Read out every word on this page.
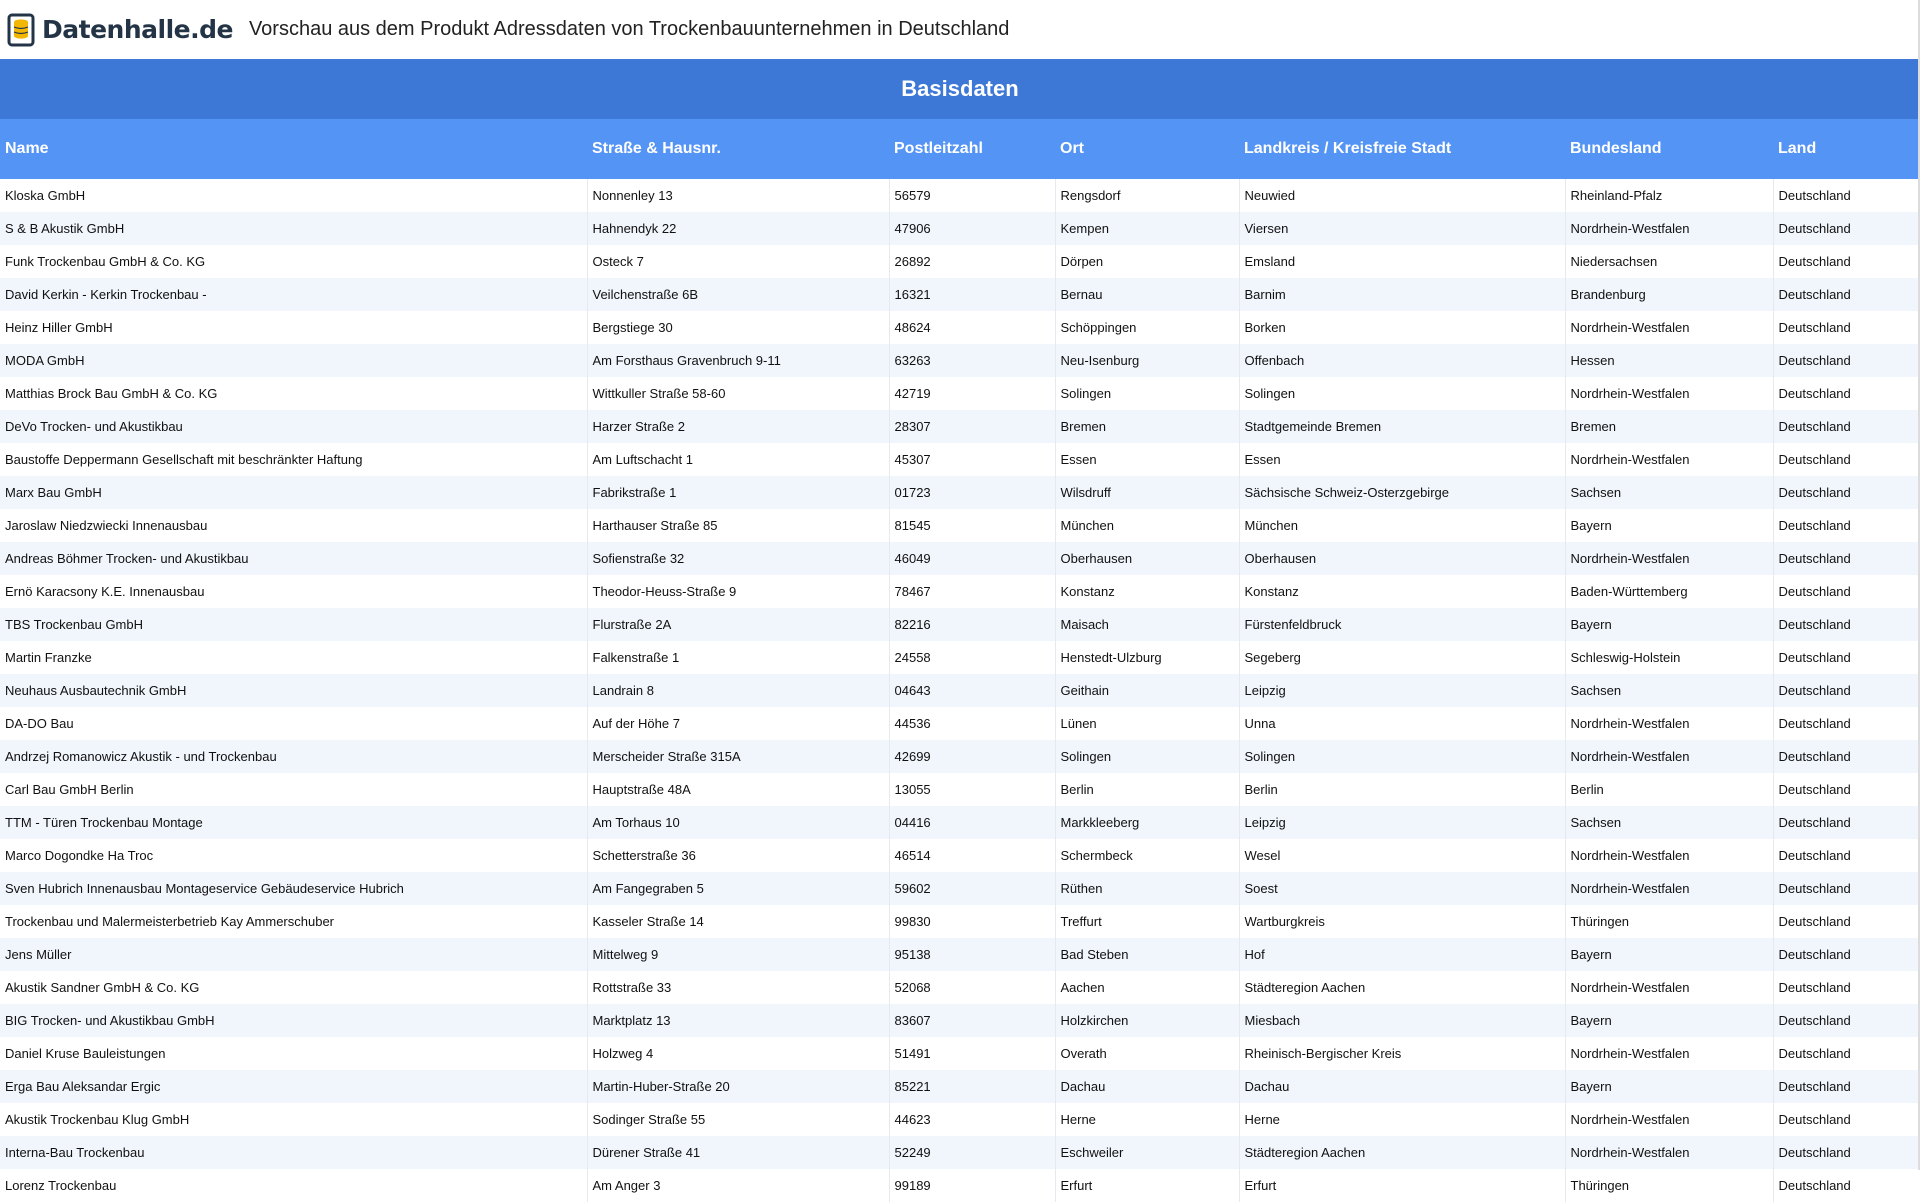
Datenhalle.de Vorschau aus dem Produkt Adressdaten von Trockenbauunternehmen in Deutschland
Basisdaten
Name	Straße & Hausnr.	Postleitzahl	Ort	Landkreis / Kreisfreie Stadt	Bundesland	Land
Kloska GmbH	Nonnenley 13	56579	Rengsdorf	Neuwied	Rheinland-Pfalz	Deutschland
S & B Akustik GmbH	Hahnendyk 22	47906	Kempen	Viersen	Nordrhein-Westfalen	Deutschland
Funk Trockenbau GmbH & Co. KG	Osteck 7	26892	Dörpen	Emsland	Niedersachsen	Deutschland
David Kerkin - Kerkin Trockenbau -	Veilchenstraße 6B	16321	Bernau	Barnim	Brandenburg	Deutschland
Heinz Hiller GmbH	Bergstiege 30	48624	Schöppingen	Borken	Nordrhein-Westfalen	Deutschland
MODA GmbH	Am Forsthaus Gravenbruch 9-11	63263	Neu-Isenburg	Offenbach	Hessen	Deutschland
Matthias Brock Bau GmbH & Co. KG	Wittkuller Straße 58-60	42719	Solingen	Solingen	Nordrhein-Westfalen	Deutschland
DeVo Trocken- und Akustikbau	Harzer Straße 2	28307	Bremen	Stadtgemeinde Bremen	Bremen	Deutschland
Baustoffe Deppermann Gesellschaft mit beschränkter Haftung	Am Luftschacht 1	45307	Essen	Essen	Nordrhein-Westfalen	Deutschland
Marx Bau GmbH	Fabrikstraße 1	01723	Wilsdruff	Sächsische Schweiz-Osterzgebirge	Sachsen	Deutschland
Jaroslaw Niedzwiecki Innenausbau	Harthauser Straße 85	81545	München	München	Bayern	Deutschland
Andreas Böhmer Trocken- und Akustikbau	Sofienstraße 32	46049	Oberhausen	Oberhausen	Nordrhein-Westfalen	Deutschland
Ernö Karacsony K.E. Innenausbau	Theodor-Heuss-Straße 9	78467	Konstanz	Konstanz	Baden-Württemberg	Deutschland
TBS Trockenbau GmbH	Flurstraße 2A	82216	Maisach	Fürstenfeldbruck	Bayern	Deutschland
Martin Franzke	Falkenstraße 1	24558	Henstedt-Ulzburg	Segeberg	Schleswig-Holstein	Deutschland
Neuhaus Ausbautechnik GmbH	Landrain 8	04643	Geithain	Leipzig	Sachsen	Deutschland
DA-DO Bau	Auf der Höhe 7	44536	Lünen	Unna	Nordrhein-Westfalen	Deutschland
Andrzej Romanowicz Akustik - und Trockenbau	Merscheider Straße 315A	42699	Solingen	Solingen	Nordrhein-Westfalen	Deutschland
Carl Bau GmbH Berlin	Hauptstraße 48A	13055	Berlin	Berlin	Berlin	Deutschland
TTM - Türen Trockenbau Montage	Am Torhaus 10	04416	Markkleeberg	Leipzig	Sachsen	Deutschland
Marco Dogondke Ha Troc	Schetterstraße 36	46514	Schermbeck	Wesel	Nordrhein-Westfalen	Deutschland
Sven Hubrich Innenausbau Montageservice Gebäudeservice Hubrich	Am Fangegraben 5	59602	Rüthen	Soest	Nordrhein-Westfalen	Deutschland
Trockenbau und Malermeisterbetrieb Kay Ammerschuber	Kasseler Straße 14	99830	Treffurt	Wartburgkreis	Thüringen	Deutschland
Jens Müller	Mittelweg 9	95138	Bad Steben	Hof	Bayern	Deutschland
Akustik Sandner GmbH & Co. KG	Rottstraße 33	52068	Aachen	Städteregion Aachen	Nordrhein-Westfalen	Deutschland
BIG Trocken- und Akustikbau GmbH	Marktplatz 13	83607	Holzkirchen	Miesbach	Bayern	Deutschland
Daniel Kruse Bauleistungen	Holzweg 4	51491	Overath	Rheinisch-Bergischer Kreis	Nordrhein-Westfalen	Deutschland
Erga Bau Aleksandar Ergic	Martin-Huber-Straße 20	85221	Dachau	Dachau	Bayern	Deutschland
Akustik Trockenbau Klug GmbH	Sodinger Straße 55	44623	Herne	Herne	Nordrhein-Westfalen	Deutschland
Interna-Bau Trockenbau	Dürener Straße 41	52249	Eschweiler	Städteregion Aachen	Nordrhein-Westfalen	Deutschland
Lorenz Trockenbau	Am Anger 3	99189	Erfurt	Erfurt	Thüringen	Deutschland
